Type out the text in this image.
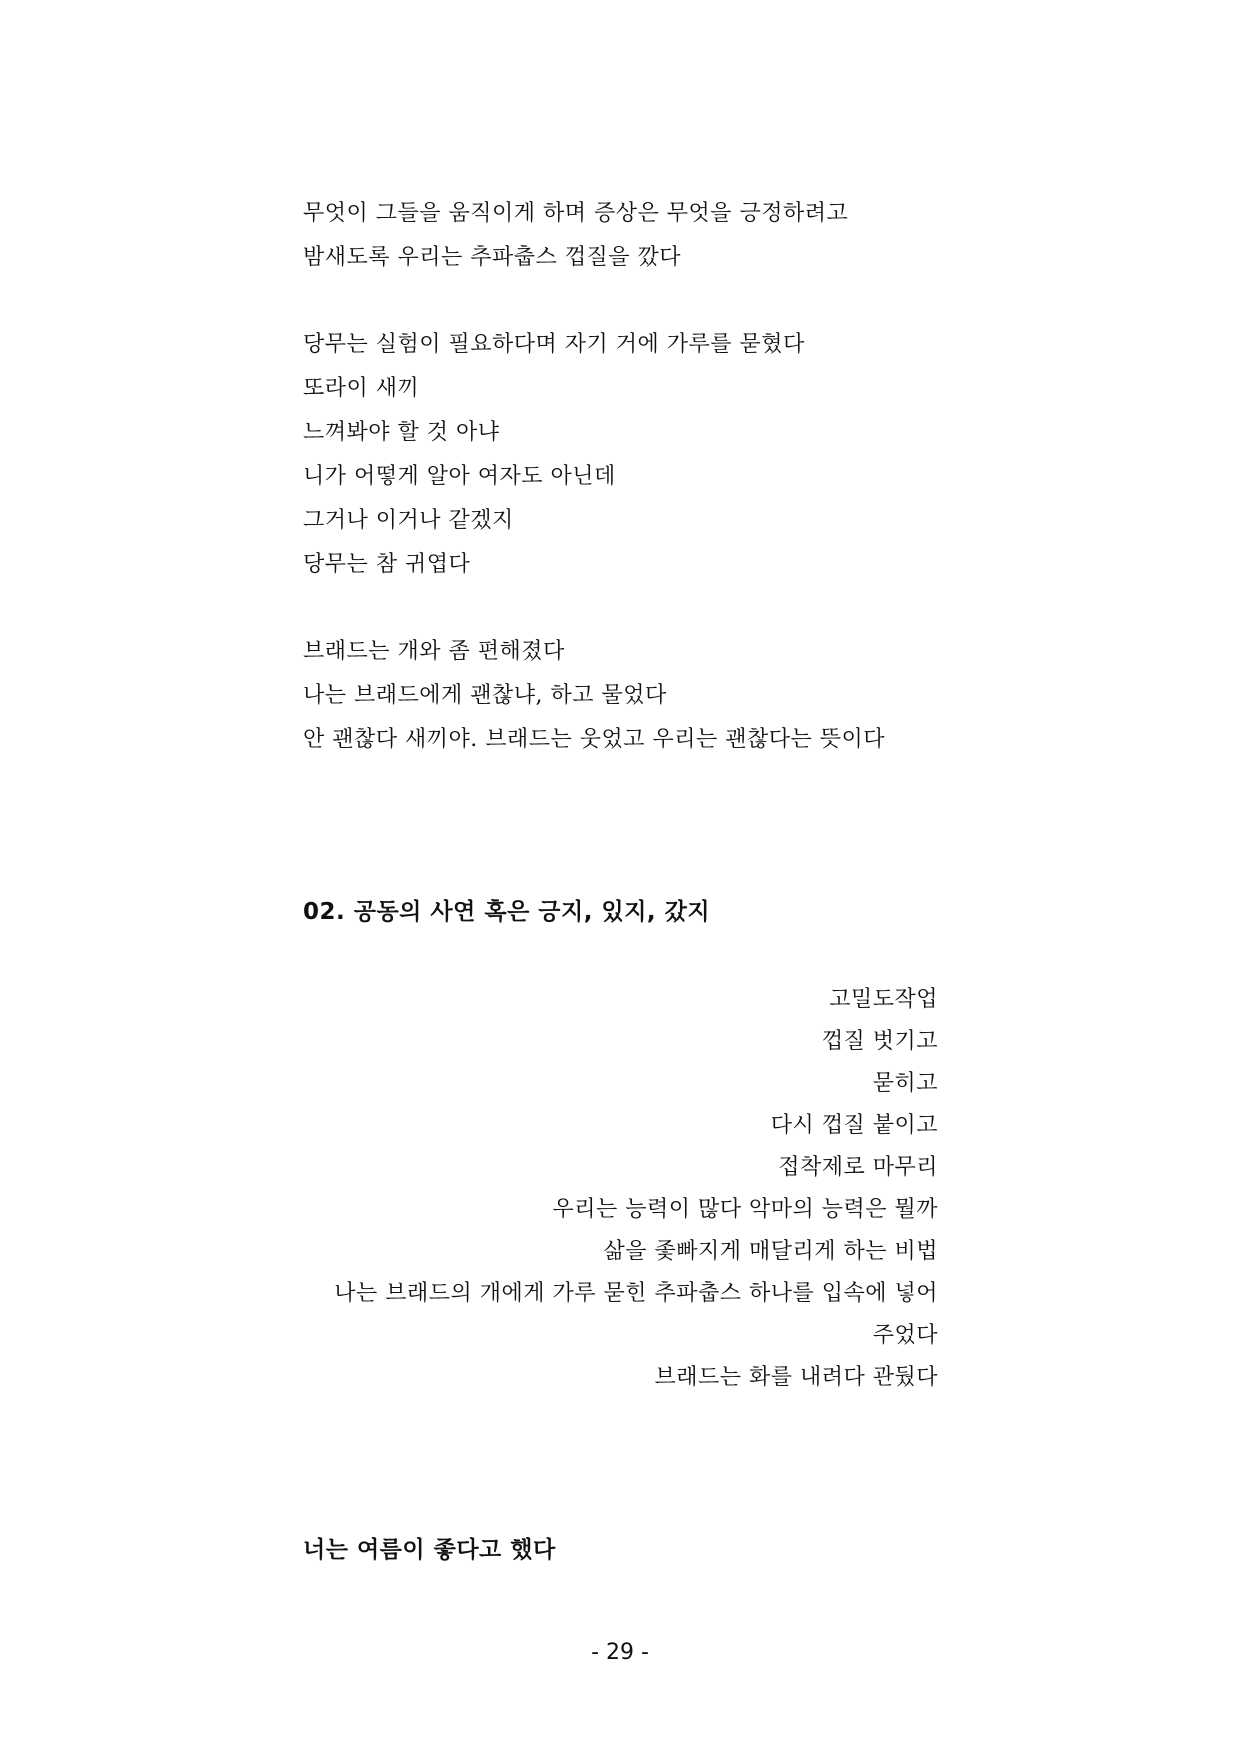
무엇이 그들을 움직이게 하며 증상은 무엇을 긍정하려고
밤새도록 우리는 추파춥스 껍질을 깠다
당무는 실험이 필요하다며 자기 거에 가루를 묻혔다
또라이 새끼
느껴봐야 할 것 아냐
니가 어떻게 알아 여자도 아닌데
그거나 이거나 같겠지
당무는 참 귀엽다
브래드는 개와 좀 편해졌다
나는 브래드에게 괜찮냐, 하고 물었다
안 괜찮다 새끼야. 브래드는 웃었고 우리는 괜찮다는 뜻이다
02. 공동의 사연 혹은 긍지, 있지, 갔지
고밀도작업
껍질 벗기고
묻히고
다시 껍질 붙이고
접착제로 마무리
우리는 능력이 많다 악마의 능력은 뭘까
삶을 좇빠지게 매달리게 하는 비법
나는 브래드의 개에게 가루 묻힌 추파춥스 하나를 입속에 넣어
주었다
브래드는 화를 내려다 관뒀다
너는 여름이 좋다고 했다
- 29 -
